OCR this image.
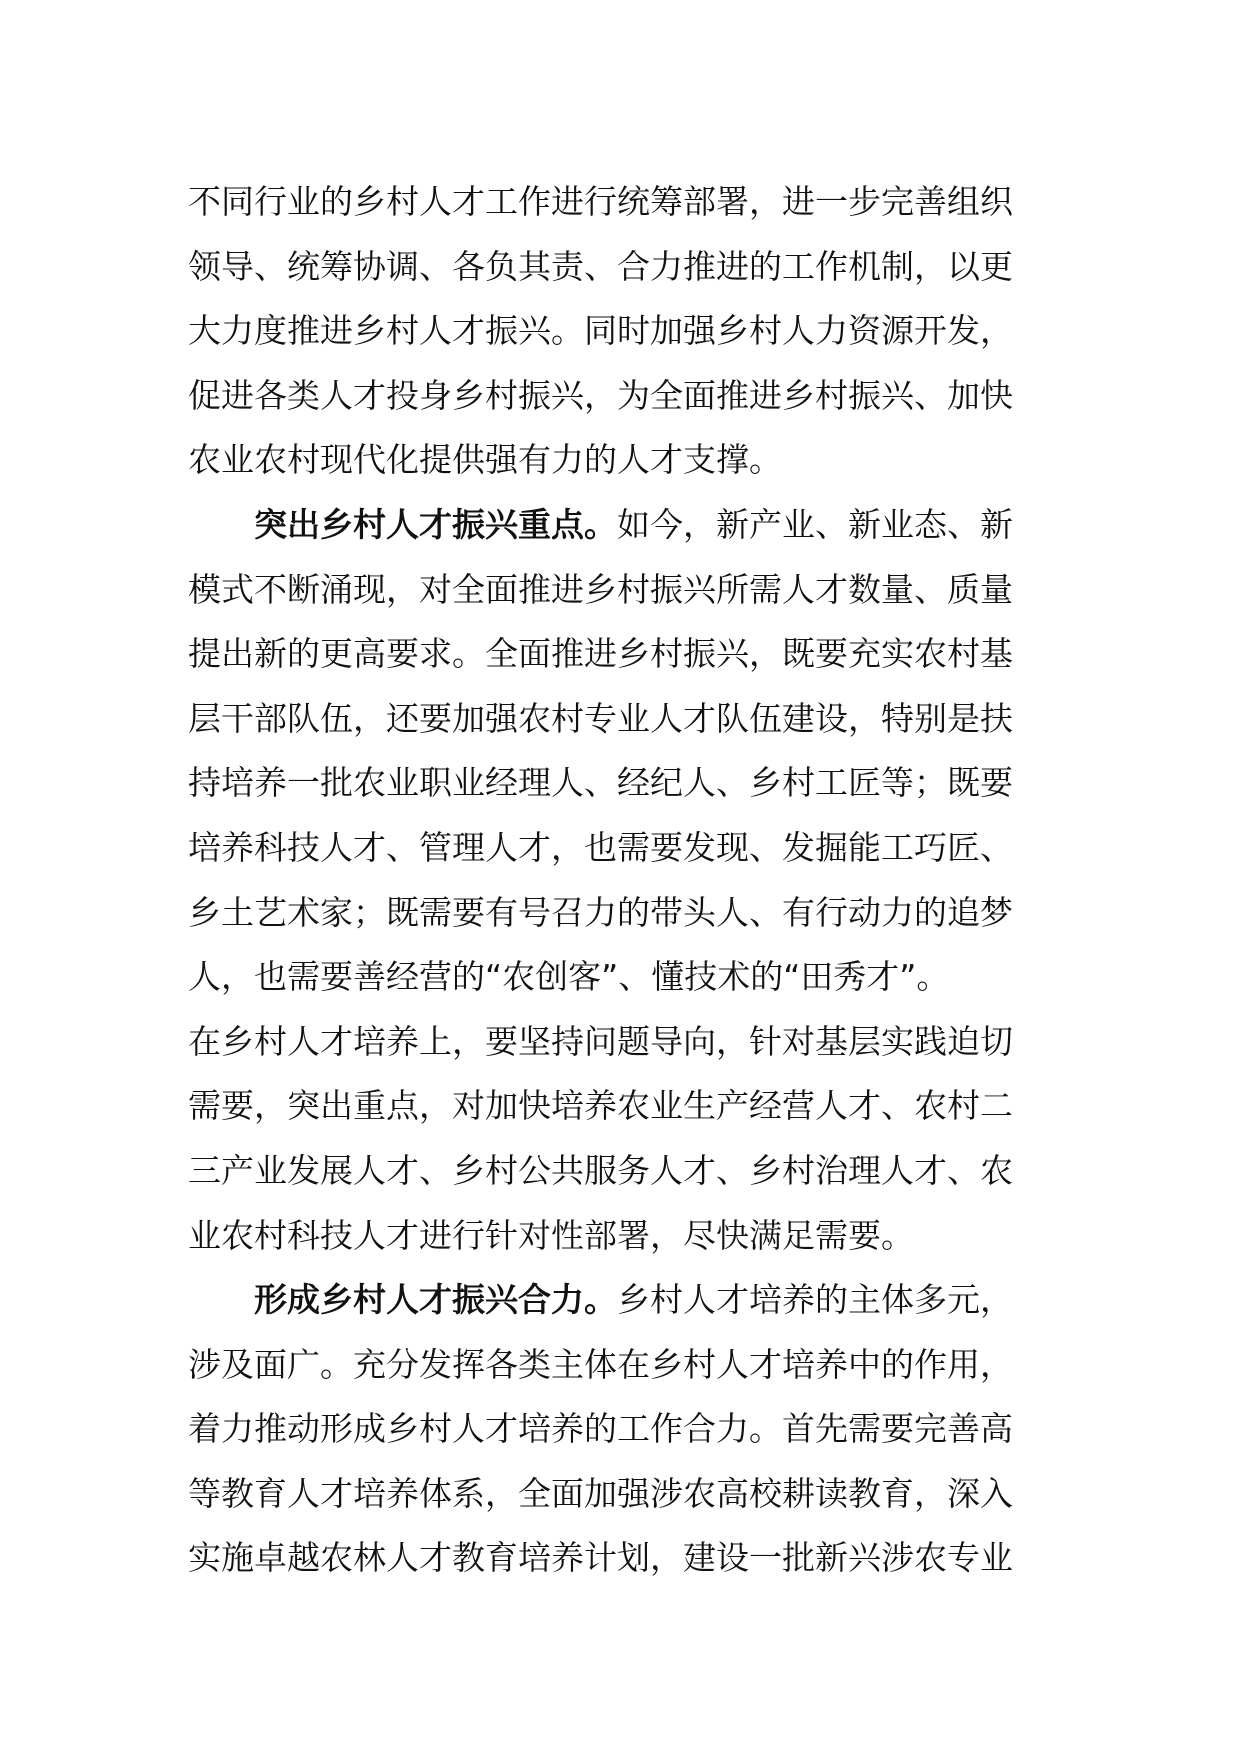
不同行业的乡村人才工作进行统筹部署，进一步完善组织
领导、统筹协调、各负其责、合力推进的工作机制，以更
大力度推进乡村人才振兴。同时加强乡村人力资源开发，
促进各类人才投身乡村振兴，为全面推进乡村振兴、加快
农业农村现代化提供强有力的人才支撑。
突出乡村人才振兴重点。如今，新产业、新业态、新
模式不断涌现，对全面推进乡村振兴所需人才数量、质量
提出新的更高要求。全面推进乡村振兴，既要充实农村基
层干部队伍，还要加强农村专业人才队伍建设，特别是扶
持培养一批农业职业经理人、经纪人、乡村工匠等；既要
培养科技人才、管理人才，也需要发现、发掘能工巧匠、
乡土艺术家；既需要有号召力的带头人、有行动力的追梦
人，也需要善经营的“农创客”、懂技术的“田秀才”。
在乡村人才培养上，要坚持问题导向，针对基层实践迫切
需要，突出重点，对加快培养农业生产经营人才、农村二
三产业发展人才、乡村公共服务人才、乡村治理人才、农
业农村科技人才进行针对性部署，尽快满足需要。
形成乡村人才振兴合力。乡村人才培养的主体多元，
涉及面广。充分发挥各类主体在乡村人才培养中的作用，
着力推动形成乡村人才培养的工作合力。首先需要完善高
等教育人才培养体系，全面加强涉农高校耕读教育，深入
实施卓越农林人才教育培养计划，建设一批新兴涉农专业
